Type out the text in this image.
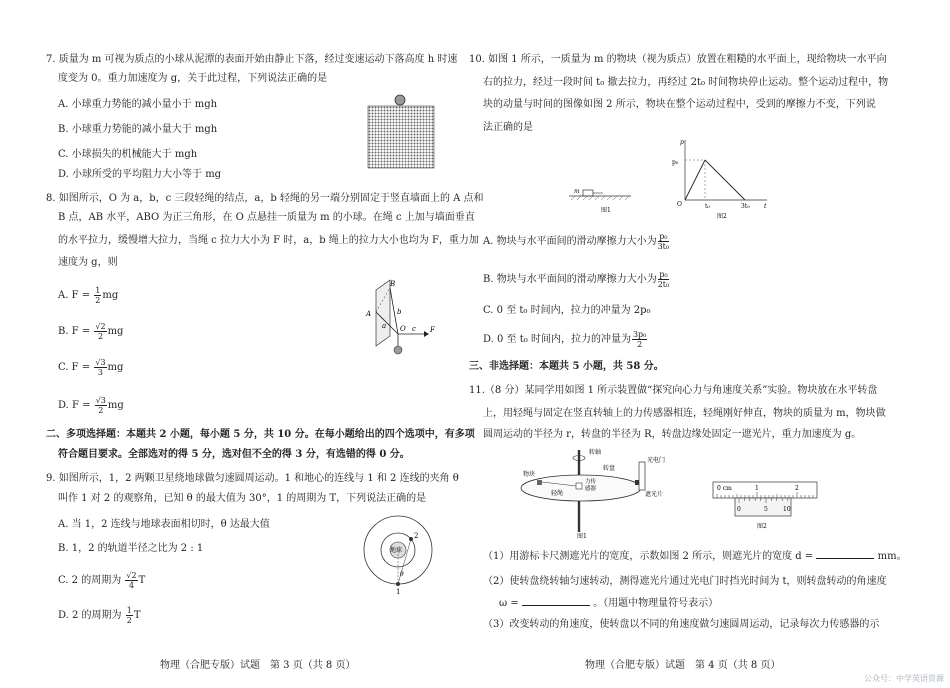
7. 质量为 m 可视为质点的小球从泥潭的表面开始由静止下落，经过变速运动下落高度 h 时速
度变为 0。重力加速度为 g，关于此过程，下列说法正确的是
A. 小球重力势能的减小量小于 mgh
B. 小球重力势能的减小量大于 mgh
C. 小球损失的机械能大于 mgh
D. 小球所受的平均阻力大小等于 mg
8. 如图所示，O 为 a，b，c 三段轻绳的结点，a，b 轻绳的另一端分别固定于竖直墙面上的 A 点和
B 点，AB 水平，ABO 为正三角形，在 O 点悬挂一质量为 m 的小球。在绳 c 上加与墙面垂直
的水平拉力，缓慢增大拉力，当绳 c 拉力大小为 F 时，a，b 绳上的拉力大小也均为 F，重力加
速度为 g，则
A. $F = \frac{1}{2}$ mg
B. $F = \frac{√2}{2}$ mg
C. $F = \frac{√3}{3}$ mg
D. $F = \frac{√3}{2}$ mg
A
B
a
b
O c F
二、多项选择题：本题共 2 小题，每小题 5 分，共 10 分。在每小题给出的四个选项中，有多项
符合题目要求。全部选对的得 5 分，选对但不全的得 3 分，有选错的得 0 分。
9. 如图所示，1，2 两颗卫星绕地球做匀速圆周运动。1 和地心的连线与 1 和 2 连线的夹角 θ
叫作 1 对 2 的观察角，已知 θ 的最大值为 30°，1 的周期为 T，下列说法正确的是
A. 当 1，2 连线与地球表面相切时，θ 达最大值
B. 1，2 的轨道半径之比为 2 : 1
C. 2 的周期为 $\frac{√2}{4}$ T
D. 2 的周期为 $\frac{1}{2}$ T
地球
1
2
θ
物理（合肥专版）试题　第 3 页（共 8 页）
10. 如图 1 所示，一质量为 m 的物块（视为质点）放置在粗糙的水平面上，现给物块一水平向
右的拉力，经过一段时间 t₀ 撤去拉力，再经过 2t₀ 时间物块停止运动。整个运动过程中，物
块的动量与时间的图像如图 2 所示，物块在整个运动过程中，受到的摩擦力不变，下列说
法正确的是
m
图1
p
p₀
O	t₀	3t₀ t
图2
A. 物块与水平面间的滑动摩擦力大小为 $\frac{\text{p₀}}{\text{3t₀}}$
B. 物块与水平面间的滑动摩擦力大小为 $\frac{\text{p₀}}{\text{2t₀}}$
C. 0 至 t₀ 时间内，拉力的冲量为 2p₀
D. 0 至 t₀ 时间内，拉力的冲量为 $\frac{\text{3p₀}}{2}$
三、非选择题：本题共 5 小题，共 58 分。
11.（8 分）某同学用如图 1 所示装置做“探究向心力与角速度关系”实验。物块放在水平转盘
上，用轻绳与固定在竖直转轴上的力传感器相连，轻绳刚好伸直，物块的质量为 m，物块做
圆周运动的半径为 r，转盘的半径为 R，转盘边缘处固定一遮光片，重力加速度为 g。
转轴
转盘
光电门
物块
力传
感器
轻绳	遮光片
图1
0 cm	1	2
0	5	10
图2
（1）用游标卡尺测遮光片的宽度，示数如图 2 所示，则遮光片的宽度 d =	mm。
（2）使转盘绕转轴匀速转动，测得遮光片通过光电门时挡光时间为 t，则转盘转动的角速度
ω =	。（用题中物理量符号表示）
（3）改变转动的角速度，使转盘以不同的角速度做匀速圆周运动，记录每次力传感器的示
物理（合肥专版）试题　第 4 页（共 8 页）
公众号：中学英语资源
